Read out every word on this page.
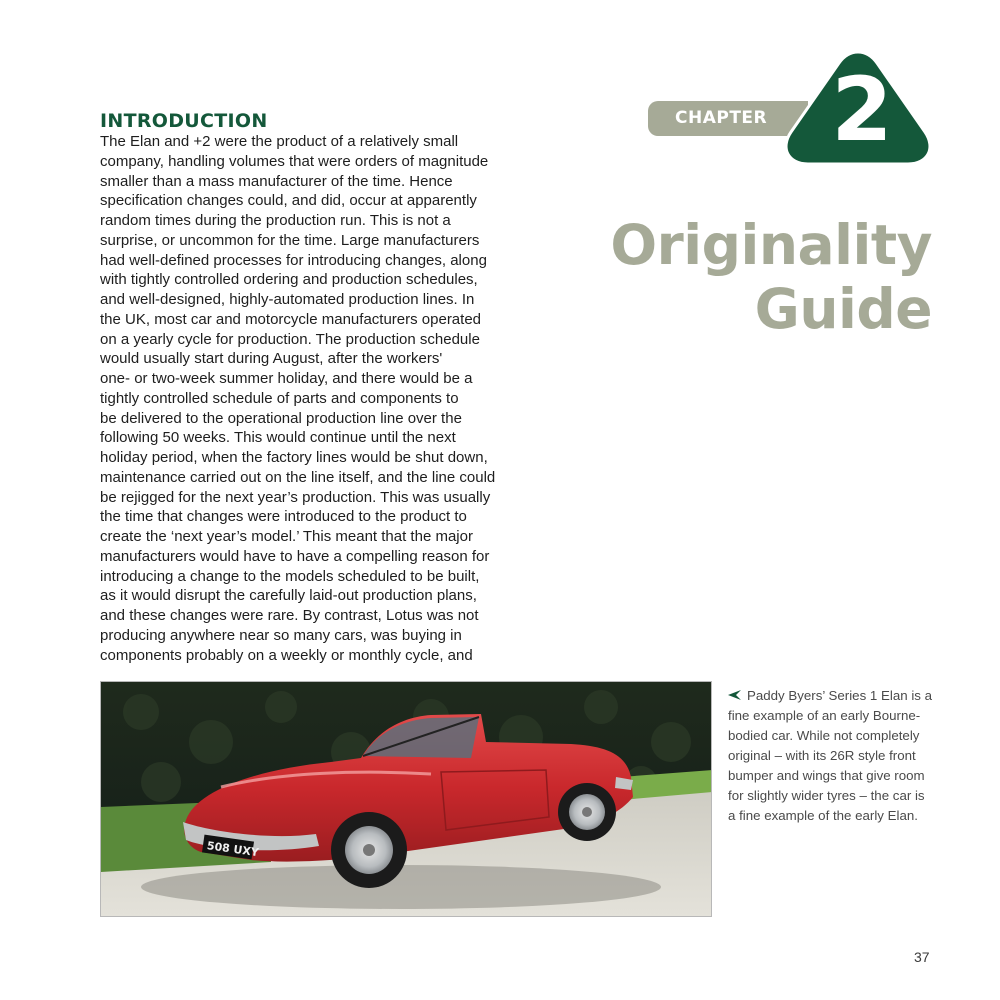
INTRODUCTION

The Elan and +2 were the product of a relatively small
company, handling volumes that were orders of magnitude
smaller than a mass manufacturer of the time. Hence
specification changes could, and did, occur at apparently
random times during the production run. This is not a
surprise, or uncommon for the time. Large manufacturers
had well-defined processes for introducing changes, along
with tightly controlled ordering and production schedules,
and well-designed, highly-automated production lines. In
the UK, most car and motorcycle manufacturers operated
on a yearly cycle for production. The production schedule
would usually start during August, after the workers'
one- or two-week summer holiday, and there would be a
tightly controlled schedule of parts and components to
be delivered to the operational production line over the
following 50 weeks. This would continue until the next
holiday period, when the factory lines would be shut down,
maintenance carried out on the line itself, and the line could
be rejigged for the next year’s production. This was usually
the time that changes were introduced to the product to
create the ‘next year’s model.’ This meant that the major
manufacturers would have to have a compelling reason for
introducing a change to the models scheduled to be built,
as it would disrupt the carefully laid-out production plans,
and these changes were rare. By contrast, Lotus was not
producing anywhere near so many cars, was buying in
components probably on a weekly or monthly cycle, and

CHAPTER 2
Originality
Guide
508 UXY

Paddy Byers’ Series 1 Elan is a
fine example of an early Bourne-
bodied car. While not completely
original – with its 26R style front
bumper and wings that give room
for slightly wider tyres – the car is
a fine example of the early Elan.

37
